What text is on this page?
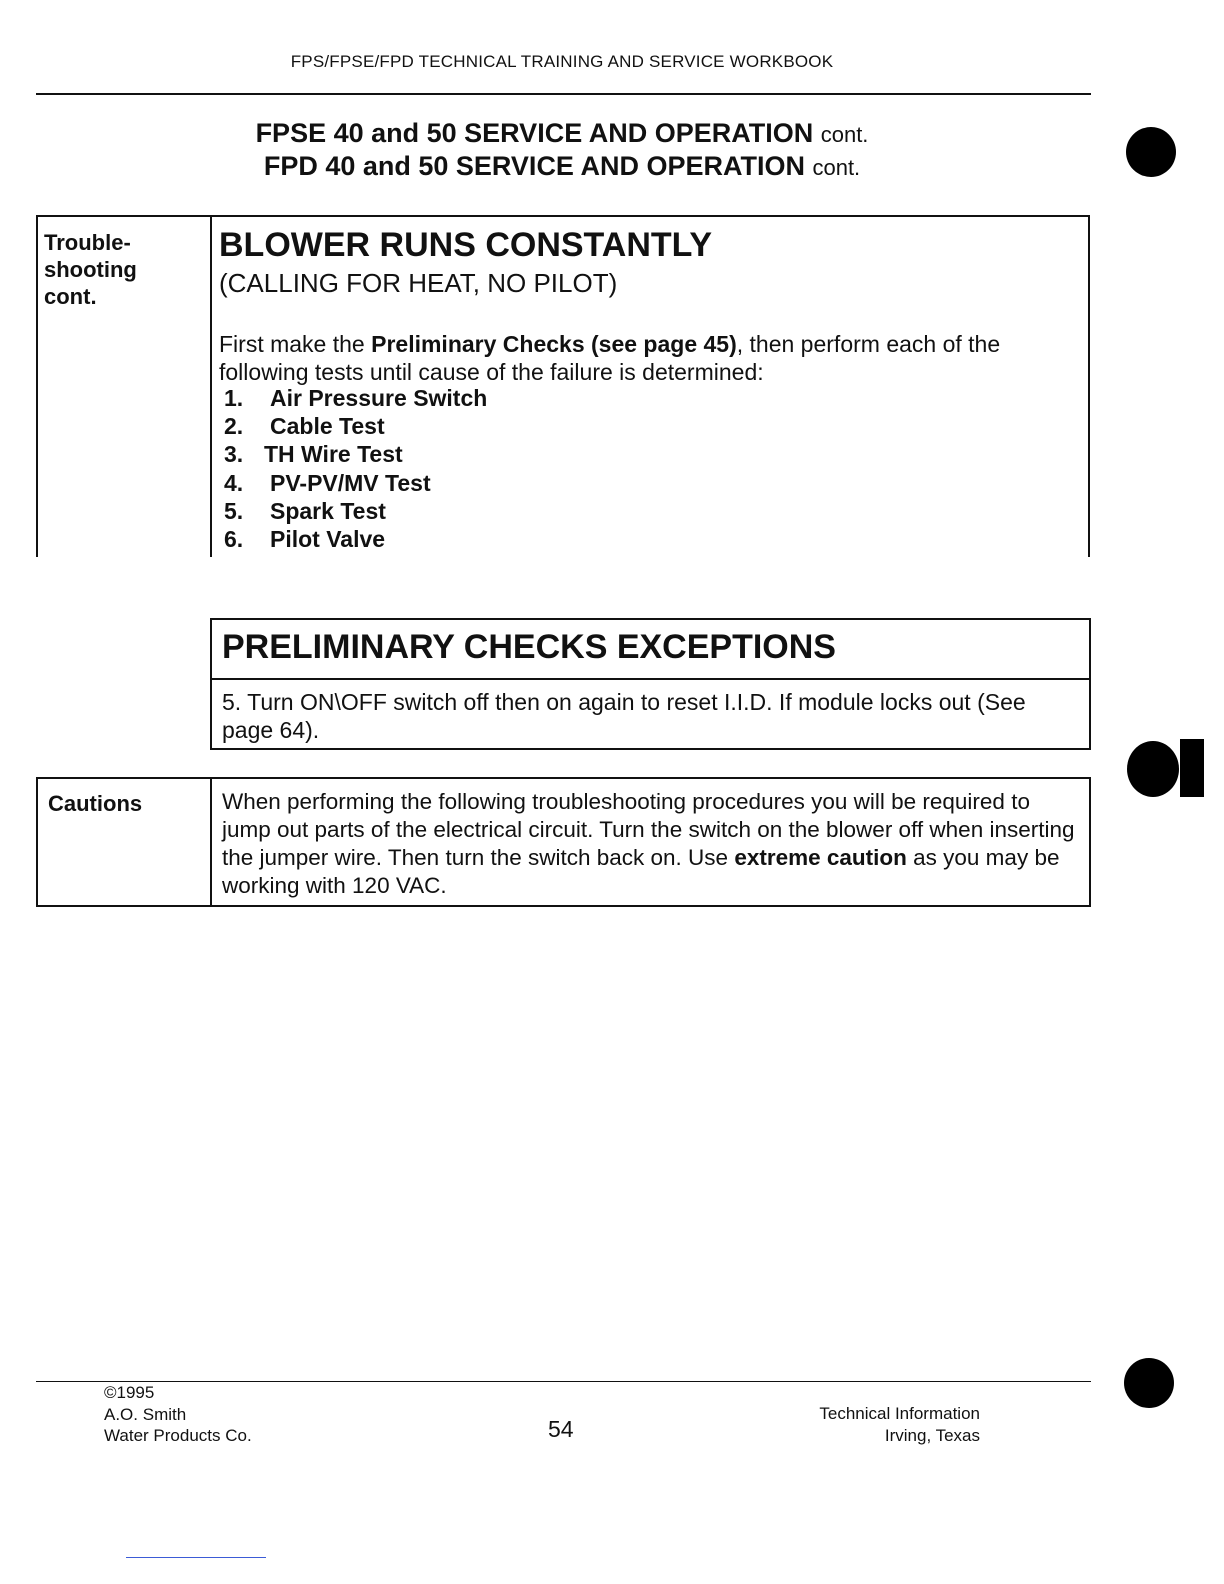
FPS/FPSE/FPD TECHNICAL TRAINING AND SERVICE WORKBOOK
FPSE 40 and 50 SERVICE AND OPERATION cont.
FPD 40 and 50 SERVICE AND OPERATION cont.
Trouble-
shooting
cont.
BLOWER RUNS CONSTANTLY
(CALLING FOR HEAT, NO PILOT)
First make the Preliminary Checks (see page 45), then perform each of the following tests until cause of the failure is determined:
1. Air Pressure Switch
2. Cable Test
3. TH Wire Test
4. PV-PV/MV Test
5. Spark Test
6. Pilot Valve
PRELIMINARY CHECKS EXCEPTIONS
5. Turn ON\OFF switch off then on again to reset I.I.D. If module locks out (See page 64).
Cautions	When performing the following troubleshooting procedures you will be required to jump out parts of the electrical circuit. Turn the switch on the blower off when inserting the jumper wire. Then turn the switch back on. Use extreme caution as you may be working with 120 VAC.
©1995
A.O. Smith
Water Products Co.	54
Technical Information
Irving, Texas
